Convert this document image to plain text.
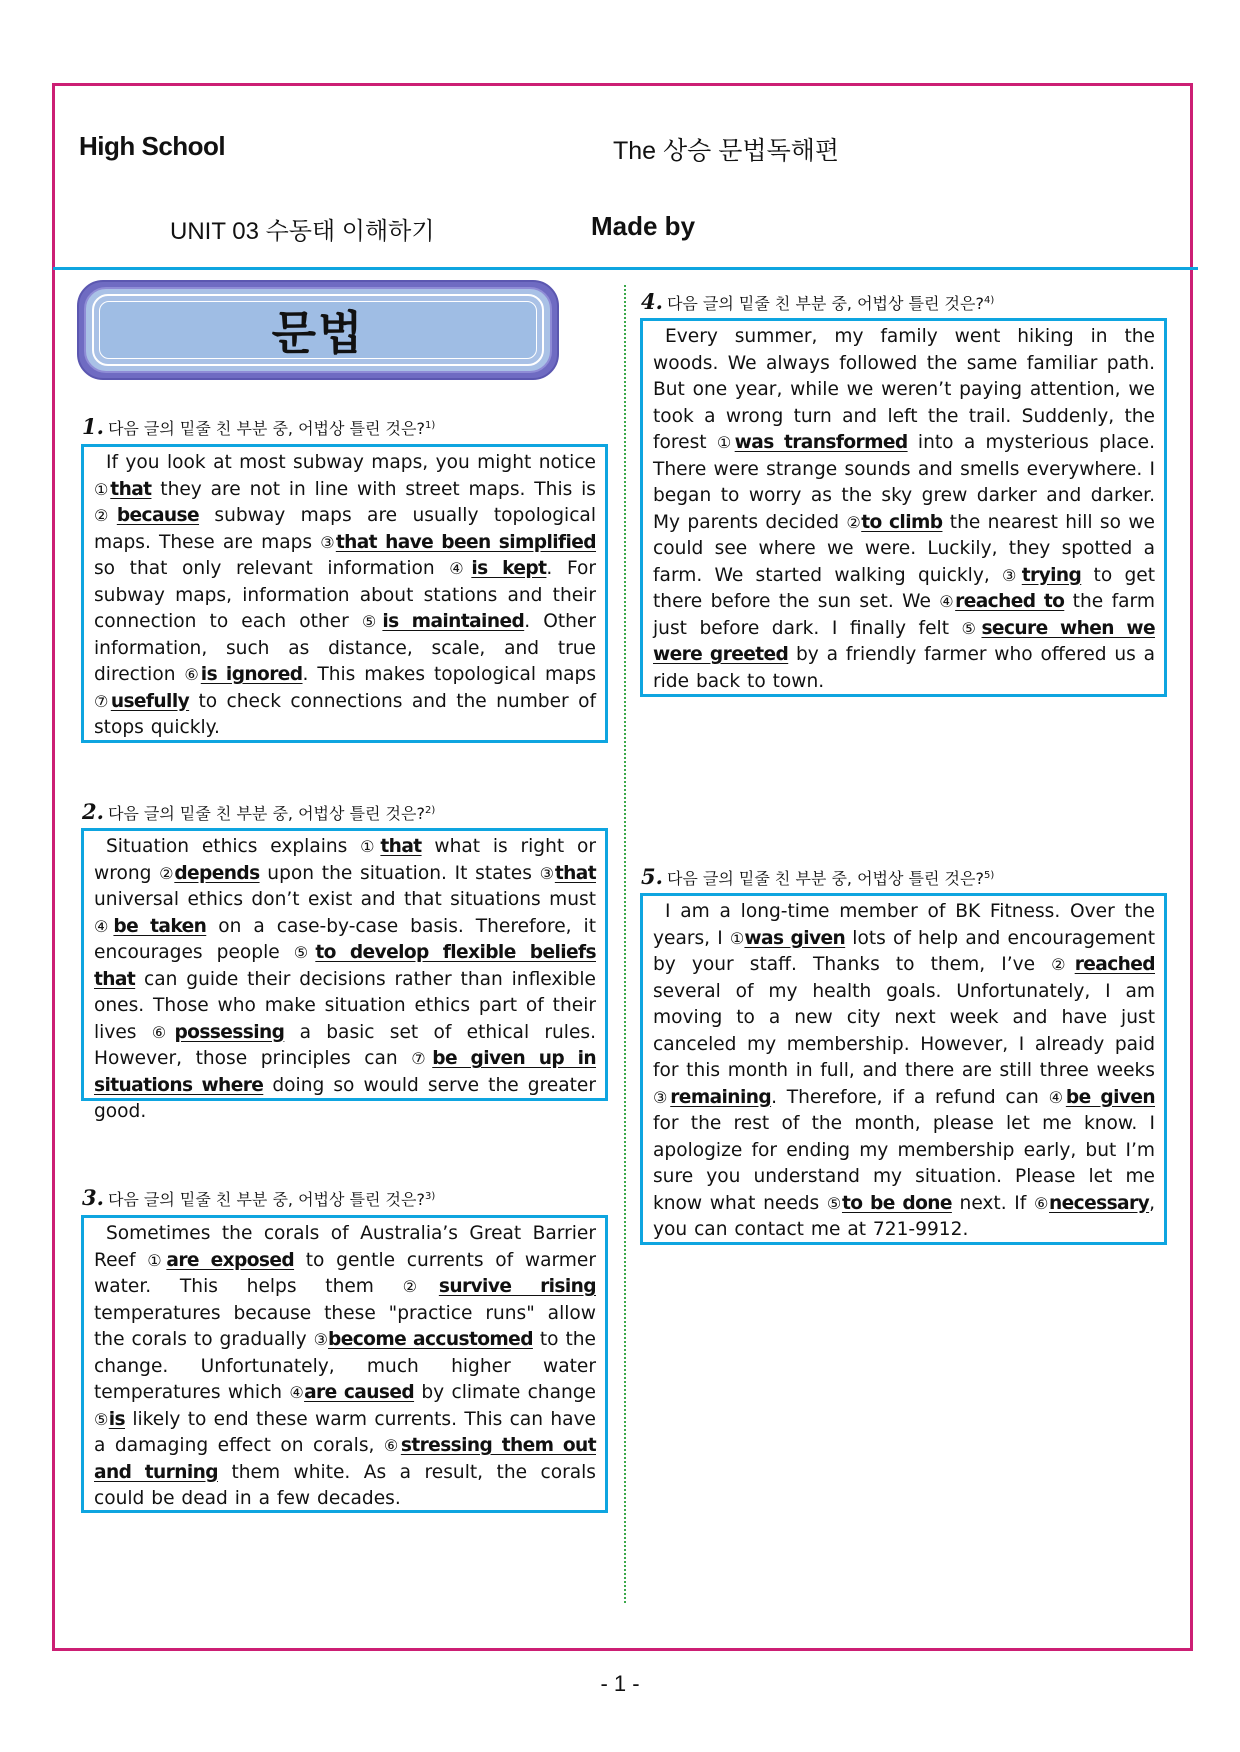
High School	The 상승 문법독해편
UNIT 03 수동태 이해하기	Made by
문법
1. 다음 글의 밑줄 친 부분 중, 어법상 틀린 것은?$^{1)}$

If you look at most subway maps, you might notice ①that they are not in line with street maps. This is ②because subway maps are usually topological maps. These are maps ③that have been simplified so that only relevant information ④is kept. For subway maps, information about stations and their connection to each other ⑤is maintained. Other information, such as distance, scale, and true direction ⑥is ignored. This makes topological maps ⑦usefully to check connections and the number of stops quickly.

2. 다음 글의 밑줄 친 부분 중, 어법상 틀린 것은?$^{2)}$

Situation ethics explains ①that what is right or wrong ②depends upon the situation. It states ③that universal ethics don’t exist and that situations must ④be taken on a case-by-case basis. Therefore, it encourages people ⑤to develop flexible beliefs that can guide their decisions rather than inflexible ones. Those who make situation ethics part of their lives ⑥possessing a basic set of ethical rules. However, those principles can ⑦be given up in situations where doing so would serve the greater good.

3. 다음 글의 밑줄 친 부분 중, 어법상 틀린 것은?$^{3)}$

Sometimes the corals of Australia’s Great Barrier Reef ①are exposed to gentle currents of warmer water. This helps them ②survive rising temperatures because these "practice runs" allow the corals to gradually ③become accustomed to the change. Unfortunately, much higher water temperatures which ④are caused by climate change ⑤is likely to end these warm currents. This can have a damaging effect on corals, ⑥stressing them out and turning them white. As a result, the corals could be dead in a few decades.

4. 다음 글의 밑줄 친 부분 중, 어법상 틀린 것은?$^{4)}$

Every summer, my family went hiking in the woods. We always followed the same familiar path. But one year, while we weren’t paying attention, we took a wrong turn and left the trail. Suddenly, the forest ①was transformed into a mysterious place. There were strange sounds and smells everywhere. I began to worry as the sky grew darker and darker. My parents decided ②to climb the nearest hill so we could see where we were. Luckily, they spotted a farm. We started walking quickly, ③trying to get there before the sun set. We ④reached to the farm just before dark. I finally felt ⑤secure when we were greeted by a friendly farmer who offered us a ride back to town.

5. 다음 글의 밑줄 친 부분 중, 어법상 틀린 것은?$^{5)}$

I am a long-time member of BK Fitness. Over the years, I ①was given lots of help and encouragement by your staff. Thanks to them, I’ve ②reached several of my health goals. Unfortunately, I am moving to a new city next week and have just canceled my membership. However, I already paid for this month in full, and there are still three weeks ③remaining. Therefore, if a refund can ④be given for the rest of the month, please let me know. I apologize for ending my membership early, but I’m sure you understand my situation. Please let me know what needs ⑤to be done next. If ⑥necessary, you can contact me at 721-9912.

- 1 -
